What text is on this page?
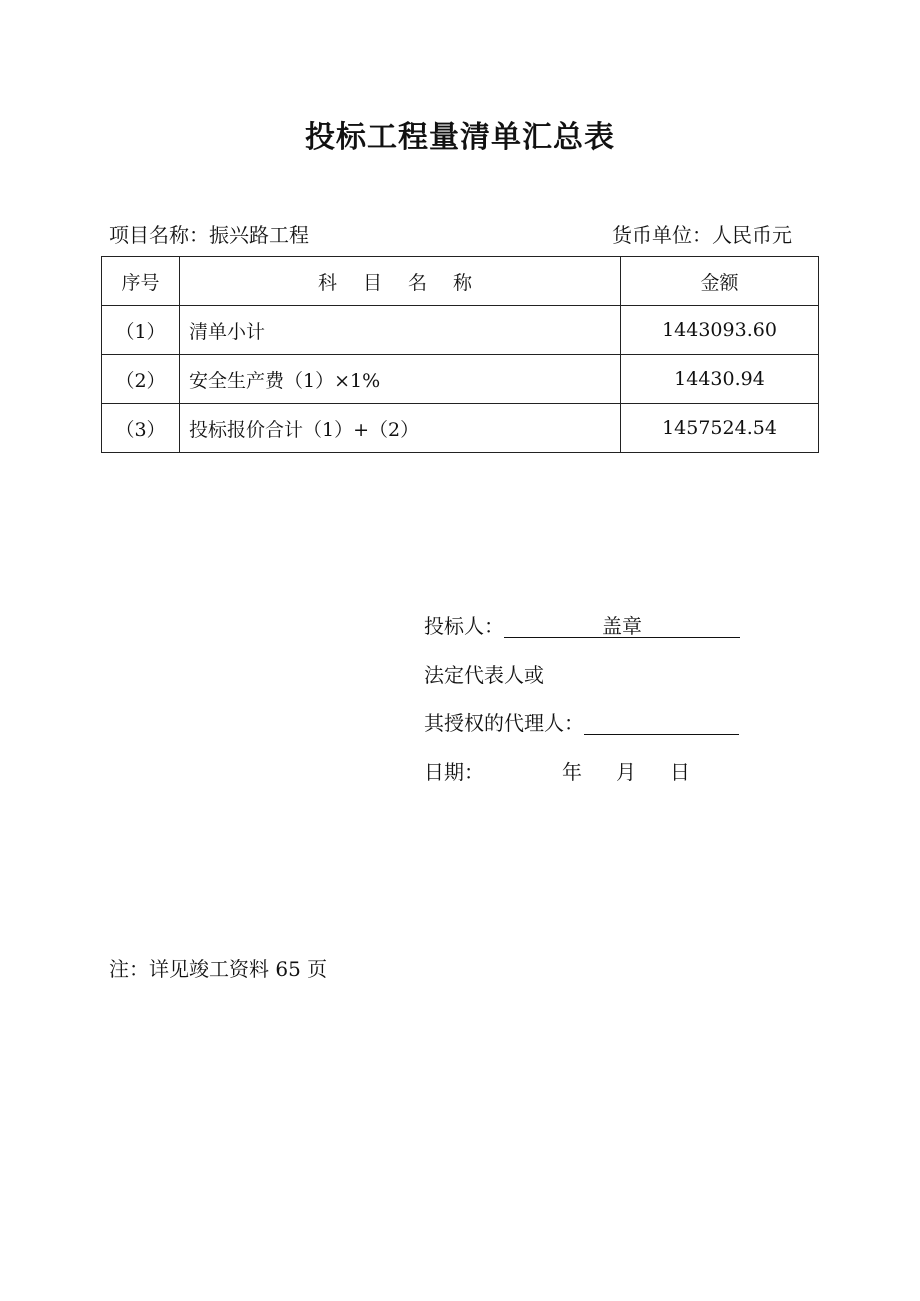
投标工程量清单汇总表
项目名称：振兴路工程	货币单位：人民币元
序号	科 目 名 称	金额
（1）	清单小计	1443093.60
（2）	安全生产费（1）×1%	14430.94
（3）	投标报价合计（1）+（2）	1457524.54
投标人：	盖章
法定代表人或
其授权的代理人：
日期：	年 月 日
注：详见竣工资料 65 页
